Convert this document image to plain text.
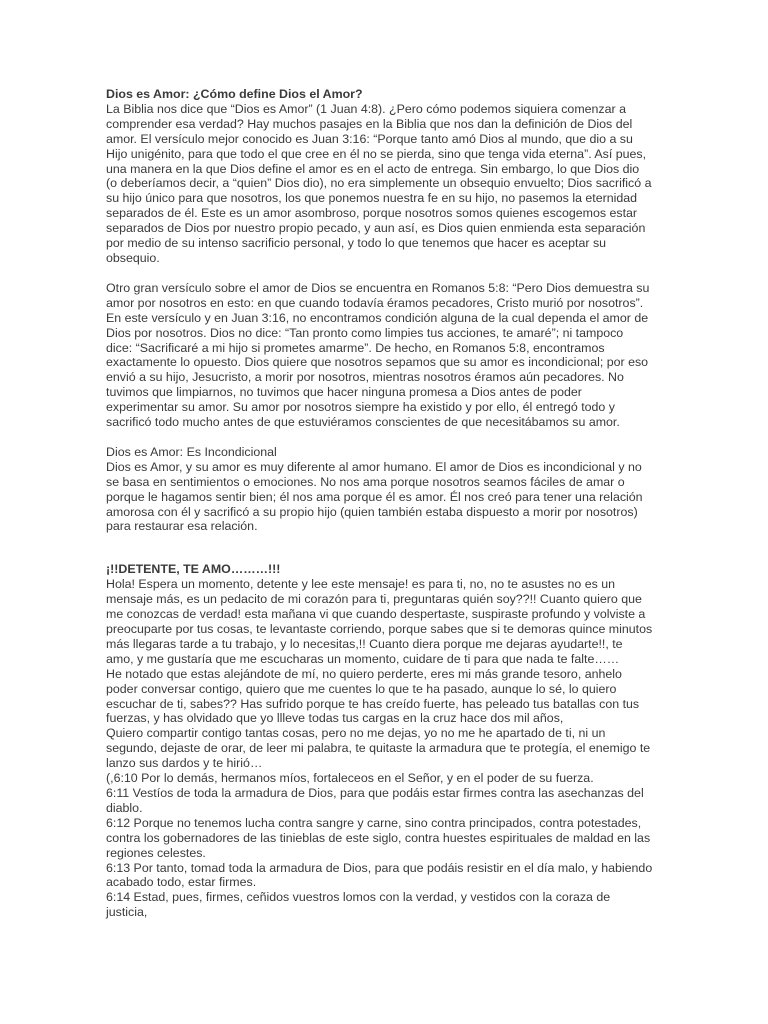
Dios es Amor: ¿Cómo define Dios el Amor?

La Biblia nos dice que “Dios es Amor” (1 Juan 4:8). ¿Pero cómo podemos siquiera comenzar a
comprender esa verdad? Hay muchos pasajes en la Biblia que nos dan la definición de Dios del
amor. El versículo mejor conocido es Juan 3:16: “Porque tanto amó Dios al mundo, que dio a su
Hijo unigénito, para que todo el que cree en él no se pierda, sino que tenga vida eterna”. Así pues,
una manera en la que Dios define el amor es en el acto de entrega. Sin embargo, lo que Dios dio
(o deberíamos decir, a “quien” Dios dio), no era simplemente un obsequio envuelto; Dios sacrificó a
su hijo único para que nosotros, los que ponemos nuestra fe en su hijo, no pasemos la eternidad
separados de él. Este es un amor asombroso, porque nosotros somos quienes escogemos estar
separados de Dios por nuestro propio pecado, y aun así, es Dios quien enmienda esta separación
por medio de su intenso sacrificio personal, y todo lo que tenemos que hacer es aceptar su
obsequio.

Otro gran versículo sobre el amor de Dios se encuentra en Romanos 5:8: “Pero Dios demuestra su
amor por nosotros en esto: en que cuando todavía éramos pecadores, Cristo murió por nosotros”.
En este versículo y en Juan 3:16, no encontramos condición alguna de la cual dependa el amor de
Dios por nosotros. Dios no dice: “Tan pronto como limpies tus acciones, te amaré”; ni tampoco
dice: “Sacrificaré a mi hijo si prometes amarme”. De hecho, en Romanos 5:8, encontramos
exactamente lo opuesto. Dios quiere que nosotros sepamos que su amor es incondicional; por eso
envió a su hijo, Jesucristo, a morir por nosotros, mientras nosotros éramos aún pecadores. No
tuvimos que limpiarnos, no tuvimos que hacer ninguna promesa a Dios antes de poder
experimentar su amor. Su amor por nosotros siempre ha existido y por ello, él entregó todo y
sacrificó todo mucho antes de que estuviéramos conscientes de que necesitábamos su amor.

Dios es Amor: Es Incondicional

Dios es Amor, y su amor es muy diferente al amor humano. El amor de Dios es incondicional y no
se basa en sentimientos o emociones. No nos ama porque nosotros seamos fáciles de amar o
porque le hagamos sentir bien; él nos ama porque él es amor. Él nos creó para tener una relación
amorosa con él y sacrificó a su propio hijo (quien también estaba dispuesto a morir por nosotros)
para restaurar esa relación.

¡!!DETENTE, TE AMO………!!!

Hola! Espera un momento, detente y lee este mensaje! es para ti, no, no te asustes no es un
mensaje más, es un pedacito de mi corazón para ti, preguntaras quién soy??!! Cuanto quiero que
me conozcas de verdad! esta mañana vi que cuando despertaste, suspiraste profundo y volviste a
preocuparte por tus cosas, te levantaste corriendo, porque sabes que si te demoras quince minutos
más llegaras tarde a tu trabajo, y lo necesitas,!! Cuanto diera porque me dejaras ayudarte!!, te
amo, y me gustaría que me escucharas un momento, cuidare de ti para que nada te falte……
He notado que estas alejándote de mí, no quiero perderte, eres mi más grande tesoro, anhelo
poder conversar contigo, quiero que me cuentes lo que te ha pasado, aunque lo sé, lo quiero
escuchar de ti, sabes?? Has sufrido porque te has creído fuerte, has peleado tus batallas con tus
fuerzas, y has olvidado que yo llleve todas tus cargas en la cruz hace dos mil años,
Quiero compartir contigo tantas cosas, pero no me dejas, yo no me he apartado de ti, ni un
segundo, dejaste de orar, de leer mi palabra, te quitaste la armadura que te protegía, el enemigo te
lanzo sus dardos y te hirió…
(,6:10 Por lo demás, hermanos míos, fortaleceos en el Señor, y en el poder de su fuerza.
6:11 Vestíos de toda la armadura de Dios, para que podáis estar firmes contra las asechanzas del
diablo.
6:12 Porque no tenemos lucha contra sangre y carne, sino contra principados, contra potestades,
contra los gobernadores de las tinieblas de este siglo, contra huestes espirituales de maldad en las
regiones celestes.
6:13 Por tanto, tomad toda la armadura de Dios, para que podáis resistir en el día malo, y habiendo
acabado todo, estar firmes.
6:14 Estad, pues, firmes, ceñidos vuestros lomos con la verdad, y vestidos con la coraza de
justicia,
